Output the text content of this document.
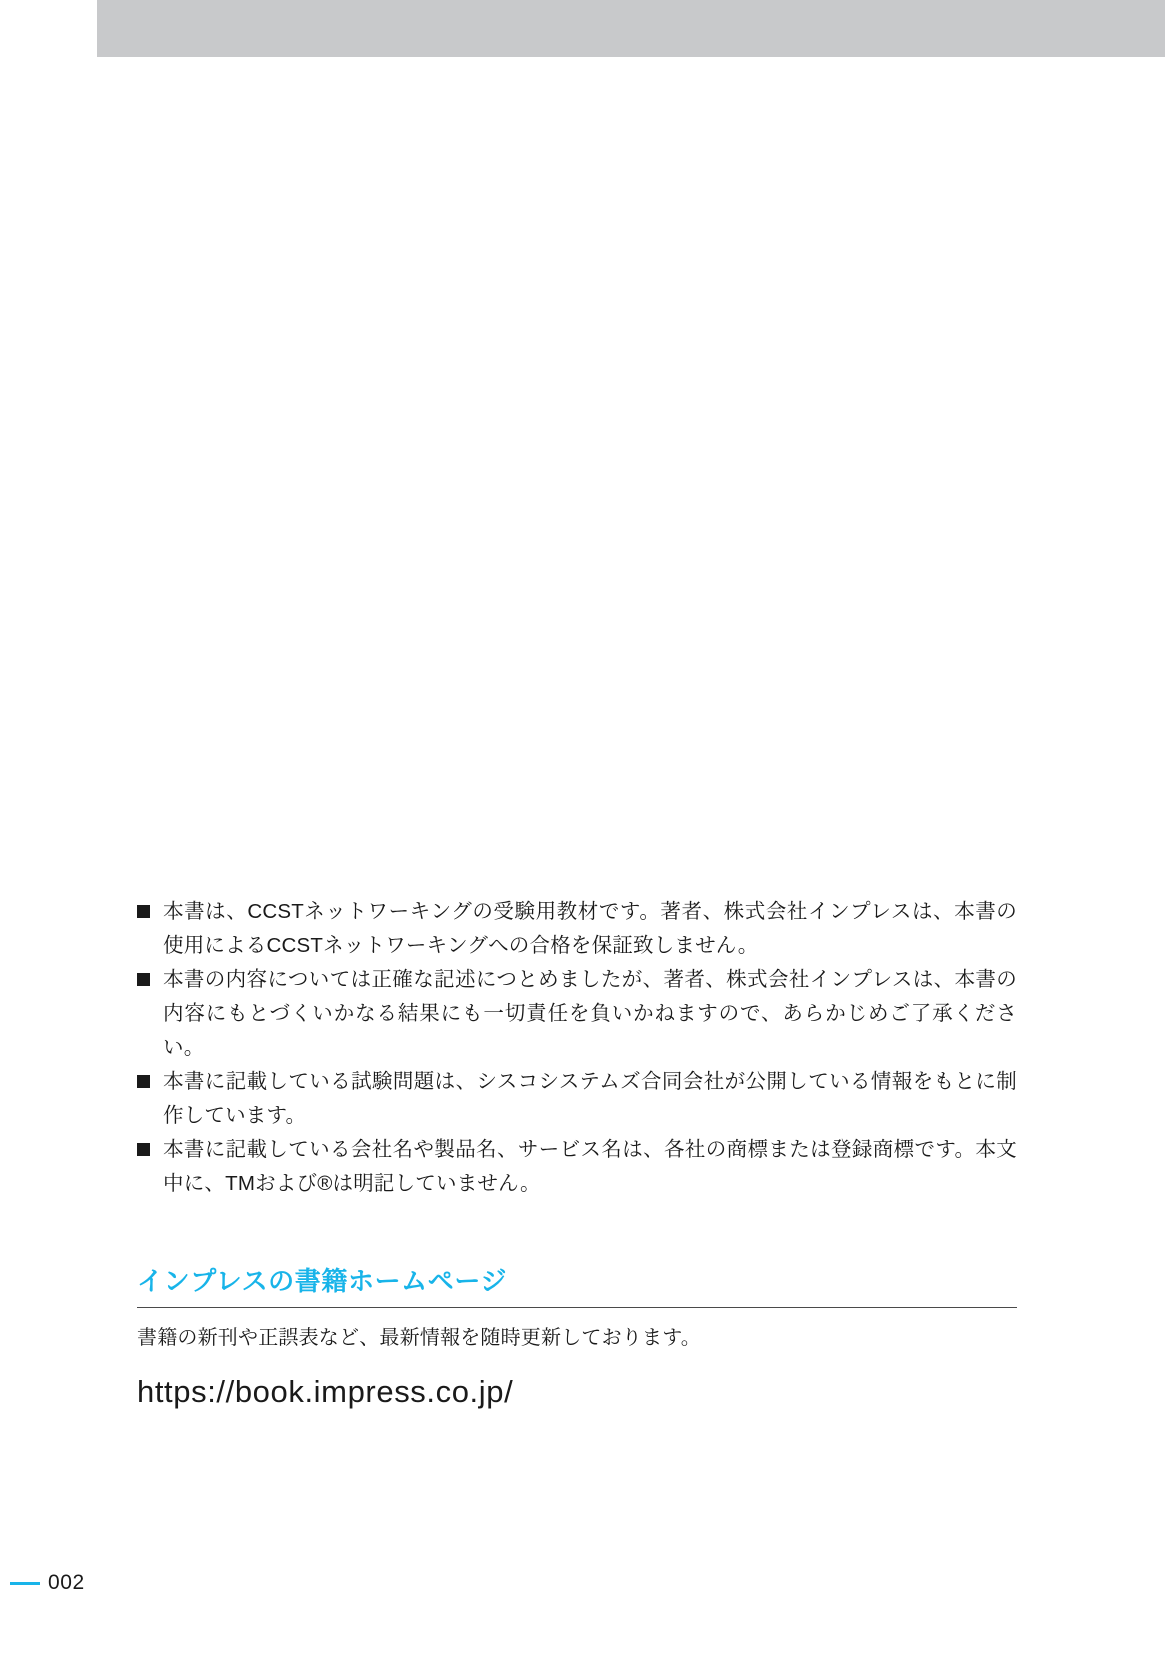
本書は、CCSTネットワーキングの受験用教材です。著者、株式会社インプレスは、本書の使用によるCCSTネットワーキングへの合格を保証致しません。

本書の内容については正確な記述につとめましたが、著者、株式会社インプレスは、本書の内容にもとづくいかなる結果にも一切責任を負いかねますので、あらかじめご了承ください。

本書に記載している試験問題は、シスコシステムズ合同会社が公開している情報をもとに制作しています。

本書に記載している会社名や製品名、サービス名は、各社の商標または登録商標です。本文中に、TMおよび®は明記していません。

インプレスの書籍ホームページ

書籍の新刊や正誤表など、最新情報を随時更新しております。

https://book.impress.co.jp/

002
